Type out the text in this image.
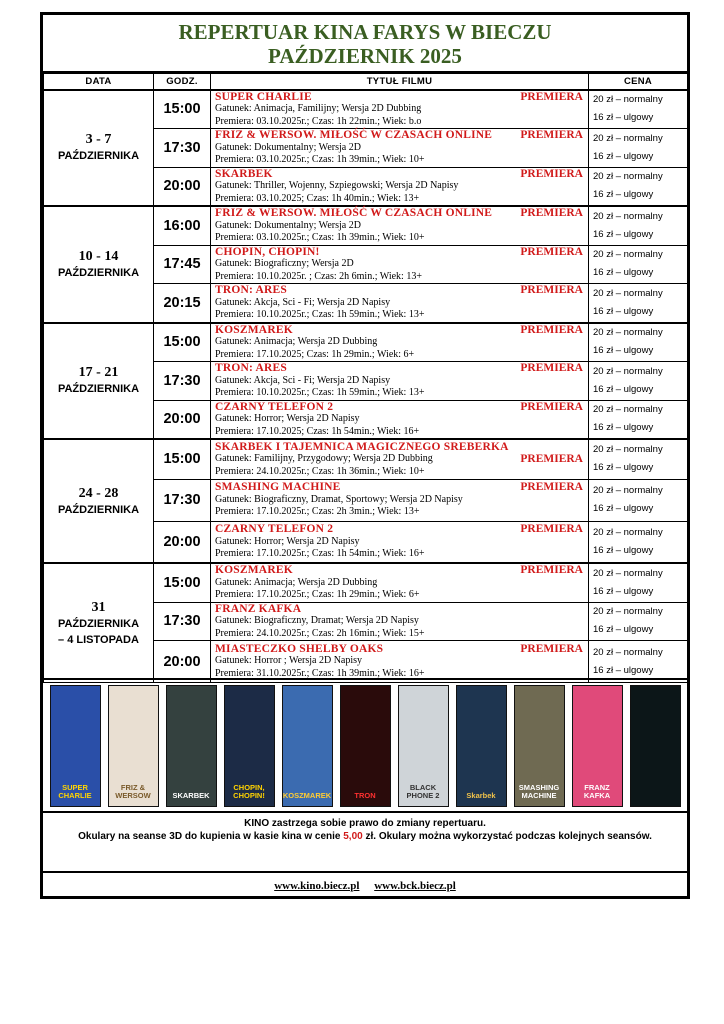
REPERTUAR KINA FARYS W BIECZU
PAŹDZIERNIK 2025
DATA	GODZ.	TYTUŁ FILMU	CENA

3 - 7
PAŹDZIERNIKA	15:00	SUPER CHARLIE PREMIERA
Gatunek: Animacja, Familijny; Wersja 2D Dubbing
Premiera: 03.10.2025r.; Czas: 1h 22min.; Wiek: b.o	20 zł – normalny
16 zł – ulgowy

	17:30	FRIZ & WERSOW. MIŁOŚĆ W CZASACH ONLINE PREMIERA
Gatunek: Dokumentalny; Wersja 2D
Premiera: 03.10.2025r.; Czas: 1h 39min.; Wiek: 10+	20 zł – normalny
16 zł – ulgowy

	20:00	SKARBEK PREMIERA
Gatunek: Thriller, Wojenny, Szpiegowski; Wersja 2D Napisy
Premiera: 03.10.2025; Czas: 1h 40min.; Wiek: 13+	20 zł – normalny
16 zł – ulgowy

10 - 14
PAŹDZIERNIKA	16:00	FRIZ & WERSOW. MIŁOŚĆ W CZASACH ONLINE PREMIERA
Gatunek: Dokumentalny; Wersja 2D
Premiera: 03.10.2025r.; Czas: 1h 39min.; Wiek: 10+	20 zł – normalny
16 zł – ulgowy

	17:45	CHOPIN, CHOPIN! PREMIERA
Gatunek: Biograficzny; Wersja 2D
Premiera: 10.10.2025r. ; Czas: 2h 6min.; Wiek: 13+	20 zł – normalny
16 zł – ulgowy

	20:15	TRON: ARES PREMIERA
Gatunek: Akcja, Sci - Fi; Wersja 2D Napisy
Premiera: 10.10.2025r.; Czas: 1h 59min.; Wiek: 13+	20 zł – normalny
16 zł – ulgowy

17 - 21
PAŹDZIERNIKA	15:00	KOSZMAREK PREMIERA
Gatunek: Animacja; Wersja 2D Dubbing
Premiera: 17.10.2025; Czas: 1h 29min.; Wiek: 6+	20 zł – normalny
16 zł – ulgowy

	17:30	TRON: ARES PREMIERA
Gatunek: Akcja, Sci - Fi; Wersja 2D Napisy
Premiera: 10.10.2025r.; Czas: 1h 59min.; Wiek: 13+	20 zł – normalny
16 zł – ulgowy

	20:00	CZARNY TELEFON 2 PREMIERA
Gatunek: Horror; Wersja 2D Napisy
Premiera: 17.10.2025; Czas: 1h 54min.; Wiek: 16+	20 zł – normalny
16 zł – ulgowy

24 - 28
PAŹDZIERNIKA	15:00	SKARBEK I TAJEMNICA MAGICZNEGO SREBERKA
Gatunek: Familijny, Przygodowy; Wersja 2D Dubbing PREMIERA
Premiera: 24.10.2025r.; Czas: 1h 36min.; Wiek: 10+	20 zł – normalny
16 zł – ulgowy

	17:30	SMASHING MACHINE PREMIERA
Gatunek: Biograficzny, Dramat, Sportowy; Wersja 2D Napisy
Premiera: 17.10.2025r.; Czas: 2h 3min.; Wiek: 13+	20 zł – normalny
16 zł – ulgowy

	20:00	CZARNY TELEFON 2 PREMIERA
Gatunek: Horror; Wersja 2D Napisy
Premiera: 17.10.2025r.; Czas: 1h 54min.; Wiek: 16+	20 zł – normalny
16 zł – ulgowy

31
PAŹDZIERNIKA
– 4 LISTOPADA	15:00	KOSZMAREK PREMIERA
Gatunek: Animacja; Wersja 2D Dubbing
Premiera: 17.10.2025r.; Czas: 1h 29min.; Wiek: 6+	20 zł – normalny
16 zł – ulgowy

	17:30	FRANZ KAFKA
Gatunek: Biograficzny, Dramat; Wersja 2D Napisy
Premiera: 24.10.2025r.; Czas: 2h 16min.; Wiek: 15+	20 zł – normalny
16 zł – ulgowy

	20:00	MIASTECZKO SHELBY OAKS PREMIERA
Gatunek: Horror ; Wersja 2D Napisy
Premiera: 31.10.2025r.; Czas: 1h 39min.; Wiek: 16+	20 zł – normalny
16 zł – ulgowy
SUPER CHARLIE
FRIZ & WERSOW	SKARBEK
CHOPIN, CHOPIN!	KOSZMAREK	TRON
BLACK PHONE 2	Skarbek
SMASHING MACHINE
FRANZ KAFKA
KINO zastrzega sobie prawo do zmiany repertuaru.
Okulary na seanse 3D do kupienia w kasie kina w cenie 5,00 zł. Okulary można wykorzystać podczas kolejnych seansów.
www.kino.biecz.pl www.bck.biecz.pl
